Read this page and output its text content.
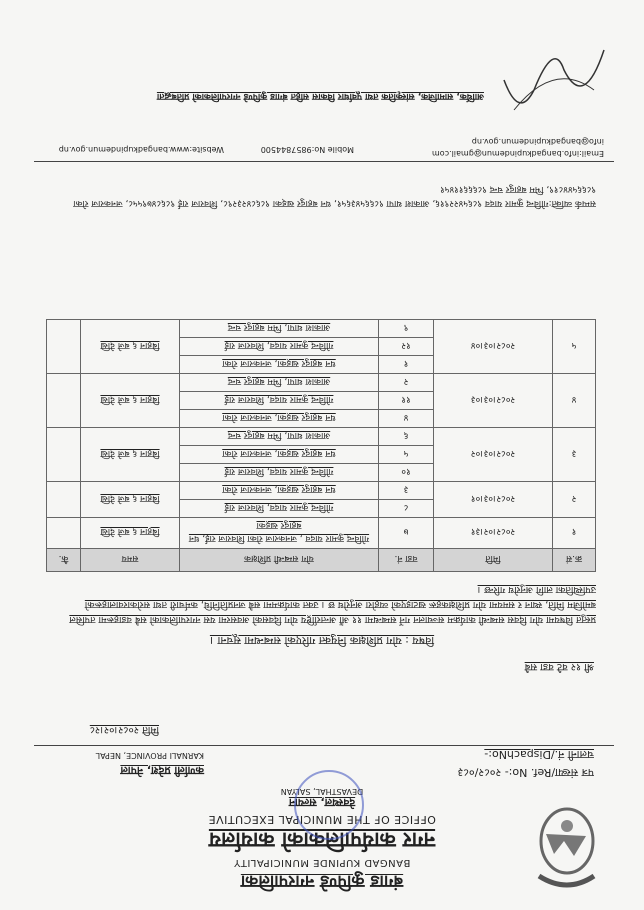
बंगाड कुपिण्डे नगरपालिका
BANGAD KUPINDE MUNICIPALITY
नगर कार्यपालिकाको कार्यालय
OFFICE OF THE MUNICIPAL EXECUTIVE
देवस्थल, सल्यान
DEVASTHAL, SALYAN
पत्र संख्या/Ref. No:- २०८२/०८३
चलानी नं./DispachNo:-
कर्णाली प्रदेश, नेपाल
KARNALI PROVINCE, NEPAL
मिति २०८२।०२।२८
श्री १२ वटै वडा सबै
विषय : योग प्रशिक्षक नियुक्त गरिएको सम्बन्धमा सूचना ।
प्रस्तुत विषयमा योग दिवस सम्बन्धी कार्यक्रम सञ्चालन गर्ने सम्बन्धमा ११ औं अन्तर्राष्ट्रिय योग दिवसको अवसरमा यस नगरपालिकाको सबै वडाहरूमा तपसिल बमोजिम मिति, स्थान र समयमा योग प्रशिक्षकहरू खटाइएको व्यहोरा अनुरोध छ । उक्त कार्यक्रममा सबै जनप्रतिनिधि, कर्मचारी तथा सरोकारवालाहरूको उपस्थितिका लागि अनुरोध गरिन्छ ।
क्र.सं	मिति	वडा नं.	योग सम्बन्धी प्रशिक्षक	समय	कै.
१	२०८२।०२।३१	७	गोविन्द कुमार यादव , जनकराज रोका शिवराज राई, धन बहादुर खड्का	बिहान ६ बजे देखि	
२	२०८२।०३।०१	८	गोविन्द कुमार यादव, शिवराज राई	बिहान ६ बजे देखि	
		३	धन बहादुर खड्का, जनकराज रोका		
३	२०८२।०३।०२	१०	गोविन्द कुमार यादव, शिवराज राई	बिहान ६ बजे देखि	
		५	धन बहादुर खड्का, जनकराज रोका		
		६	आकाश थापा, भिम बहादुर चन्द		
४	२०८२।०३।०३	४	धन बहादुर खड्का, जनकराज रोका	बिहान ६ बजे देखि	
		११	गोविन्द कुमार यादव, शिवराज राई		
		२	आकाश थापा, भिम बहादुर चन्द		
५	२०८२।०३।०४	१	धन बहादुर खड्का, जनकराज रोका	बिहान ६ बजे देखि	
		१२	गोविन्द कुमार यादव, शिवराज राई		
		९	आकाश थापा, भिम बहादुर चन्द		
सम्पर्क व्यक्ति:गोविन्द कुमार यादव ९८६५४२२९१६, आकाश थापा ९८६६५४३६५१, धन बहादुर खड्का ९८६८४२३२९८, शिवराज राई ९८६८४७९५५८, जनकराज रोका ९८६६५४४८१९, भिम बहादुर चन्द ९८६६६११४५१
Email:info.bangadkupindemun@gmail.com
info@bangadkupindemun.gov.np
Mobile No:9857844500
Website:www.bangadkupindemun.gov.np
आर्थिक, सामाजिक, सांस्कृतिक तथा पूर्वाधार विकास सहित बंगाड कुपिण्डे नगरपालिकाको प्रतिबद्धता
